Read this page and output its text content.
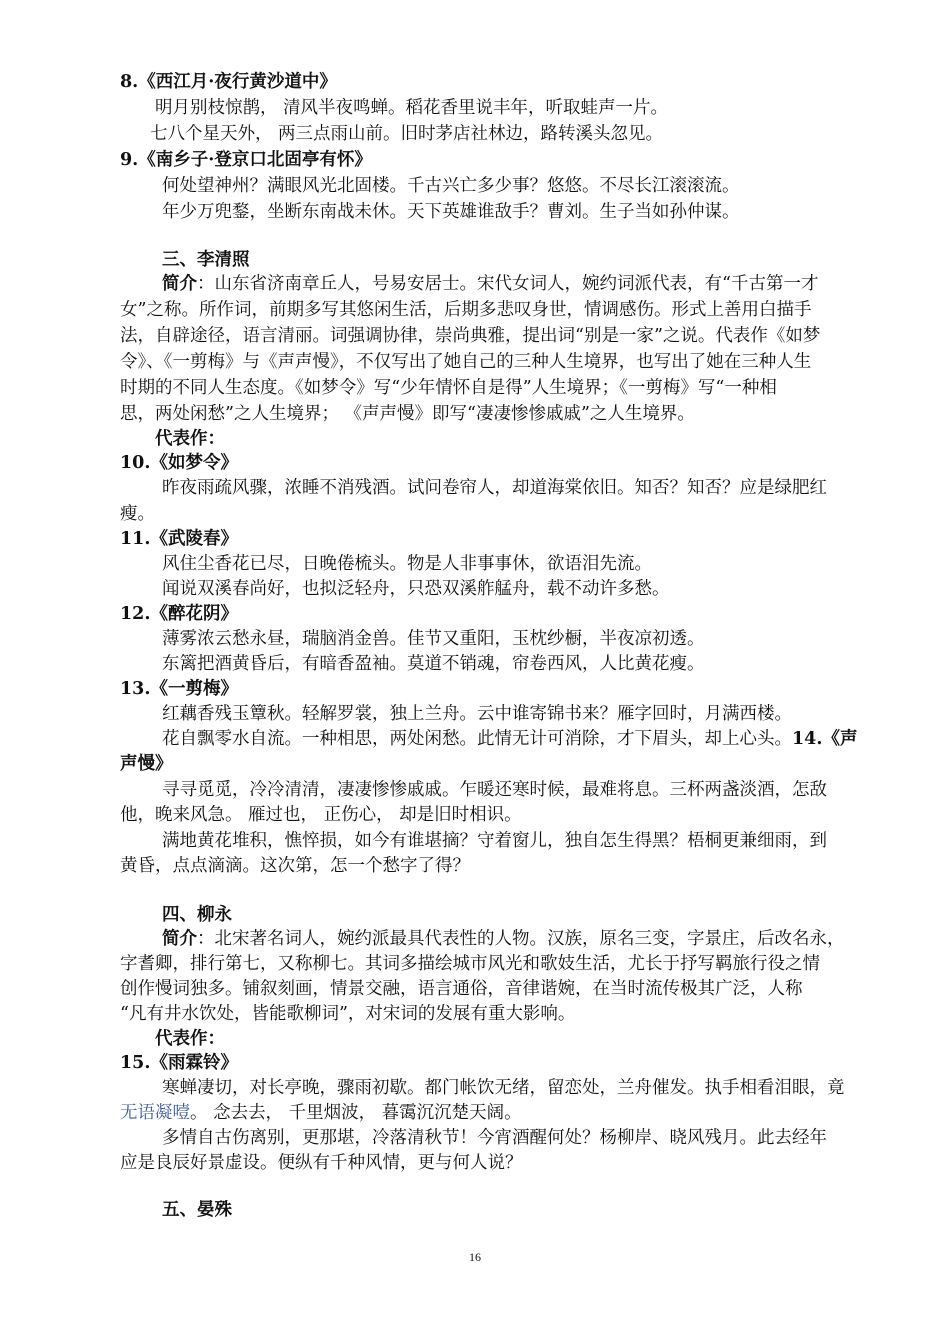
8.《西江月·夜行黄沙道中》
明月别枝惊鹊， 清风半夜鸣蝉。稻花香里说丰年，听取蛙声一片。
七八个星天外， 两三点雨山前。旧时茅店社林边，路转溪头忽见。
9.《南乡子·登京口北固亭有怀》
何处望神州？满眼风光北固楼。千古兴亡多少事？悠悠。不尽长江滚滚流。
年少万兜鍪，坐断东南战未休。天下英雄谁敌手？曹刘。生子当如孙仲谋。
三、李清照
简介：山东省济南章丘人，号易安居士。宋代女词人，婉约词派代表，有“千古第一才
女”之称。所作词，前期多写其悠闲生活，后期多悲叹身世，情调感伤。形式上善用白描手
法，自辟途径，语言清丽。词强调协律，崇尚典雅，提出词“别是一家”之说。代表作《如梦
令》、《一剪梅》与《声声慢》，不仅写出了她自己的三种人生境界，也写出了她在三种人生
时期的不同人生态度。《如梦令》写“少年情怀自是得”人生境界；《一剪梅》写“一种相
思，两处闲愁”之人生境界； 《声声慢》即写“凄凄惨惨戚戚”之人生境界。
代表作：
10.《如梦令》
昨夜雨疏风骤，浓睡不消残酒。试问卷帘人，却道海棠依旧。知否？知否？应是绿肥红
瘦。
11.《武陵春》
风住尘香花已尽，日晚倦梳头。物是人非事事休，欲语泪先流。
闻说双溪春尚好，也拟泛轻舟，只恐双溪舴艋舟，载不动许多愁。
12.《醉花阴》
薄雾浓云愁永昼，瑞脑消金兽。佳节又重阳，玉枕纱橱，半夜凉初透。
东篱把酒黄昏后，有暗香盈袖。莫道不销魂，帘卷西风，人比黄花瘦。
13.《一剪梅》
红藕香残玉簟秋。轻解罗裳，独上兰舟。云中谁寄锦书来？雁字回时，月满西楼。
花自飘零水自流。一种相思，两处闲愁。此情无计可消除，才下眉头，却上心头。14.《声
声慢》
寻寻觅觅，冷冷清清，凄凄惨惨戚戚。乍暖还寒时候，最难将息。三杯两盏淡酒，怎敌
他，晚来风急。 雁过也， 正伤心， 却是旧时相识。
满地黄花堆积，憔悴损，如今有谁堪摘？守着窗儿，独自怎生得黑？梧桐更兼细雨，到
黄昏，点点滴滴。这次第，怎一个愁字了得？
四、柳永
简介：北宋著名词人，婉约派最具代表性的人物。汉族，原名三变，字景庄，后改名永，
字耆卿，排行第七，又称柳七。其词多描绘城市风光和歌妓生活，尤长于抒写羁旅行役之情
创作慢词独多。铺叙刻画，情景交融，语言通俗，音律谐婉，在当时流传极其广泛，人称
“凡有井水饮处，皆能歌柳词”，对宋词的发展有重大影响。
代表作：
15.《雨霖铃》
寒蝉凄切，对长亭晚，骤雨初歇。都门帐饮无绪，留恋处，兰舟催发。执手相看泪眼，竟
无语凝噎。 念去去， 千里烟波， 暮霭沉沉楚天阔。
多情自古伤离别，更那堪，冷落清秋节！今宵酒醒何处？杨柳岸、晓风残月。此去经年
应是良辰好景虚设。便纵有千种风情，更与何人说？
五、晏殊
16
